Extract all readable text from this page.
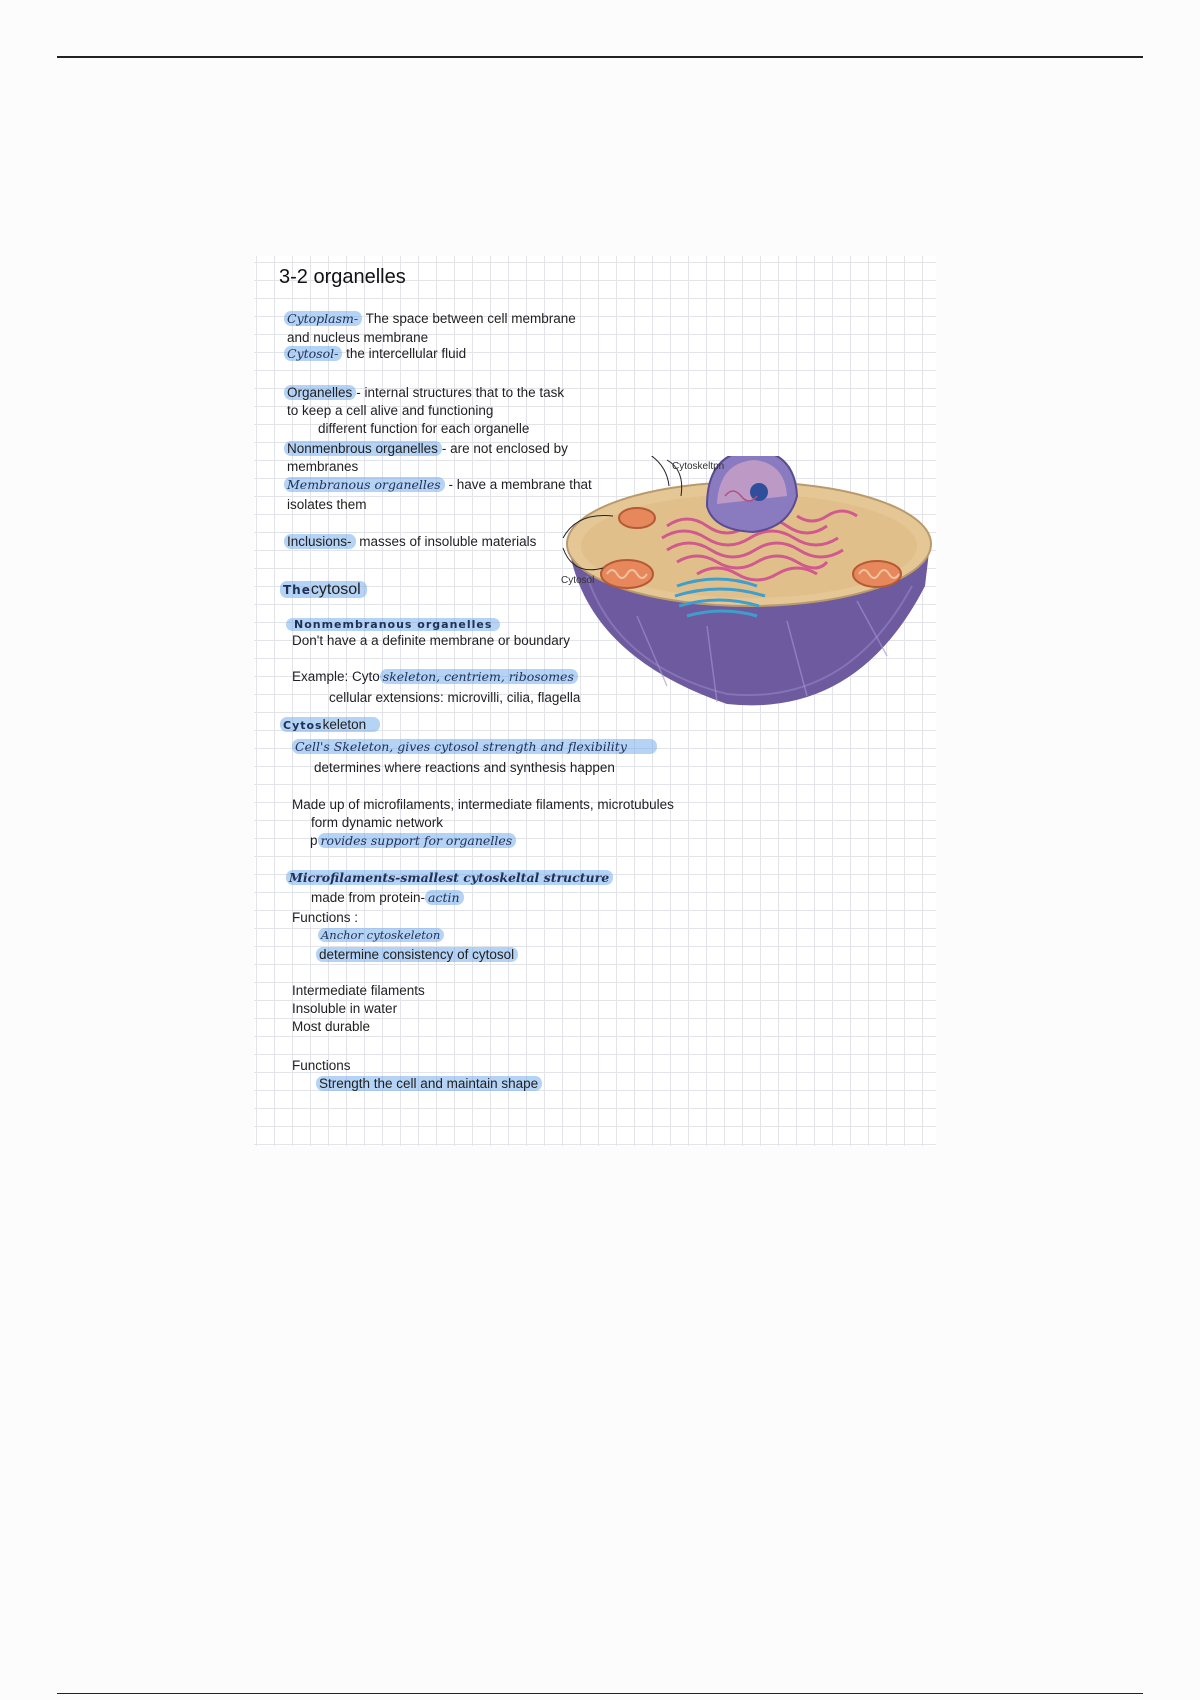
3-2 organelles
Cytoplasm- The space between cell membrane
and nucleus membrane
Cytosol- the intercellular fluid
Organelles - internal structures that to the task
to keep a cell alive and functioning
different function for each organelle
Nonmenbrous organelles - are not enclosed by
membranes
Membranous organelles - have a membrane that
isolates them
Inclusions- masses of insoluble materials
Thecytosol
Nonmembranous organelles
Don't have a a definite membrane or boundary
Example: Cyto skeleton, centriem, ribosomes
cellular extensions: microvilli, cilia, flagella
Cytoskeleton
Cell's Skeleton, gives cytosol strength and flexibility
determines where reactions and synthesis happen
Made up of microfilaments, intermediate filaments, microtubules
form dynamic network
p rovides support for organelles
Microfilaments-smallest cytoskeltal structure
made from protein- actin
Functions :
Anchor cytoskeleton
determine consistency of cytosol
Intermediate filaments
Insoluble in water
Most durable
Functions
Strength the cell and maintain shape
Cytoskeltpn
Cytosol
